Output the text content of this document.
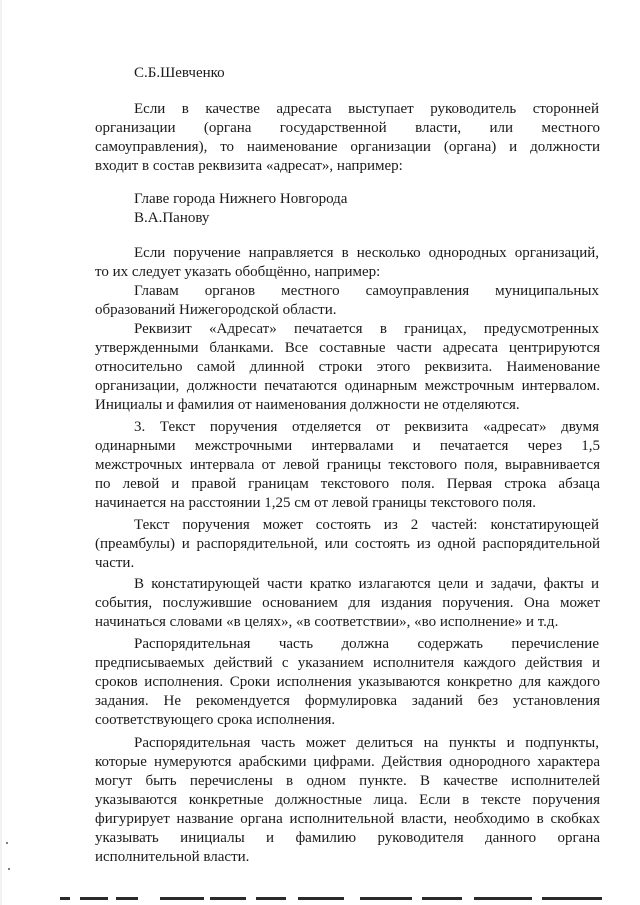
С.Б.Шевченко
Если в качестве адресата выступает руководитель сторонней
организации (органа государственной власти, или местного
самоуправления), то наименование организации (органа) и должности
входит в состав реквизита «адресат», например:
Главе города Нижнего Новгорода
В.А.Панову
Если поручение направляется в несколько однородных организаций,
то их следует указать обобщённо, например:
Главам органов местного самоуправления муниципальных
образований Нижегородской области.
Реквизит «Адресат» печатается в границах, предусмотренных
утвержденными бланками. Все составные части адресата центрируются
относительно самой длинной строки этого реквизита. Наименование
организации, должности печатаются одинарным межстрочным интервалом.
Инициалы и фамилия от наименования должности не отделяются.
3. Текст поручения отделяется от реквизита «адресат» двумя
одинарными межстрочными интервалами и печатается через 1,5
межстрочных интервала от левой границы текстового поля, выравнивается
по левой и правой границам текстового поля. Первая строка абзаца
начинается на расстоянии 1,25 см от левой границы текстового поля.
Текст поручения может состоять из 2 частей: констатирующей
(преамбулы) и распорядительной, или состоять из одной распорядительной
части.
В констатирующей части кратко излагаются цели и задачи, факты и
события, послужившие основанием для издания поручения. Она может
начинаться словами «в целях», «в соответствии», «во исполнение» и т.д.
Распорядительная часть должна содержать перечисление
предписываемых действий с указанием исполнителя каждого действия и
сроков исполнения. Сроки исполнения указываются конкретно для каждого
задания. Не рекомендуется формулировка заданий без установления
соответствующего срока исполнения.
Распорядительная часть может делиться на пункты и подпункты,
которые нумеруются арабскими цифрами. Действия однородного характера
могут быть перечислены в одном пункте. В качестве исполнителей
указываются конкретные должностные лица. Если в тексте поручения
фигурирует название органа исполнительной власти, необходимо в скобках
указывать инициалы и фамилию руководителя данного органа
исполнительной власти.
